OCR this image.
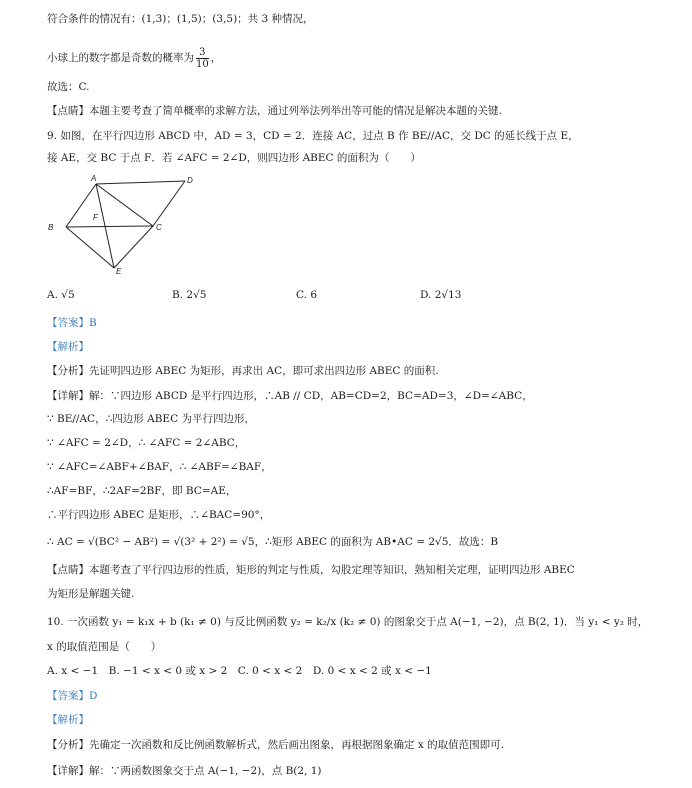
符合条件的情况有：(1,3)；(1,5)；(3,5)；共 3 种情况，
小球上的数字都是奇数的概率为 $\frac{3}{10}$ ，
故选：C.
【点睛】本题主要考查了简单概率的求解方法，通过列举法列举出等可能的情况是解决本题的关键.
9. 如图，在平行四边形 ABCD 中，AD = 3，CD = 2．连接 AC，过点 B 作 BE//AC，交 DC 的延长线于点 E，
接 AE，交 BC 于点 F．若 ∠AFC = 2∠D，则四边形 ABEC 的面积为（　　）
A	D
B	C
F
E
A. √5	B. 2√5	C. 6	D. 2√13
【答案】B
【解析】
【分析】先证明四边形 ABEC 为矩形，再求出 AC，即可求出四边形 ABEC 的面积.
【详解】解：∵四边形 ABCD 是平行四边形，∴AB // CD，AB=CD=2，BC=AD=3，∠D=∠ABC，
∵ BE//AC，∴四边形 ABEC 为平行四边形，
∵ ∠AFC = 2∠D，∴ ∠AFC = 2∠ABC，
∵ ∠AFC=∠ABF+∠BAF，∴ ∠ABF=∠BAF，
∴AF=BF，∴2AF=2BF，即 BC=AE，
∴平行四边形 ABEC 是矩形，∴∠BAC=90°，
∴ AC = √(BC² − AB²) = √(3² + 2²) = √5，∴矩形 ABEC 的面积为 AB•AC = 2√5．故选：B
【点睛】本题考查了平行四边形的性质，矩形的判定与性质，勾股定理等知识，熟知相关定理，证明四边形 ABEC
为矩形是解题关键.
10. 一次函数 y₁ = k₁x + b (k₁ ≠ 0) 与反比例函数 y₂ = k₂/x (k₂ ≠ 0) 的图象交于点 A(−1, −2)，点 B(2, 1)．当 y₁ < y₂ 时，
x 的取值范围是（　　）
A. x < −1　B. −1 < x < 0 或 x > 2　C. 0 < x < 2　D. 0 < x < 2 或 x < −1
【答案】D
【解析】
【分析】先确定一次函数和反比例函数解析式，然后画出图象，再根据图象确定 x 的取值范围即可.
【详解】解：∵两函数图象交于点 A(−1, −2)，点 B(2, 1)
